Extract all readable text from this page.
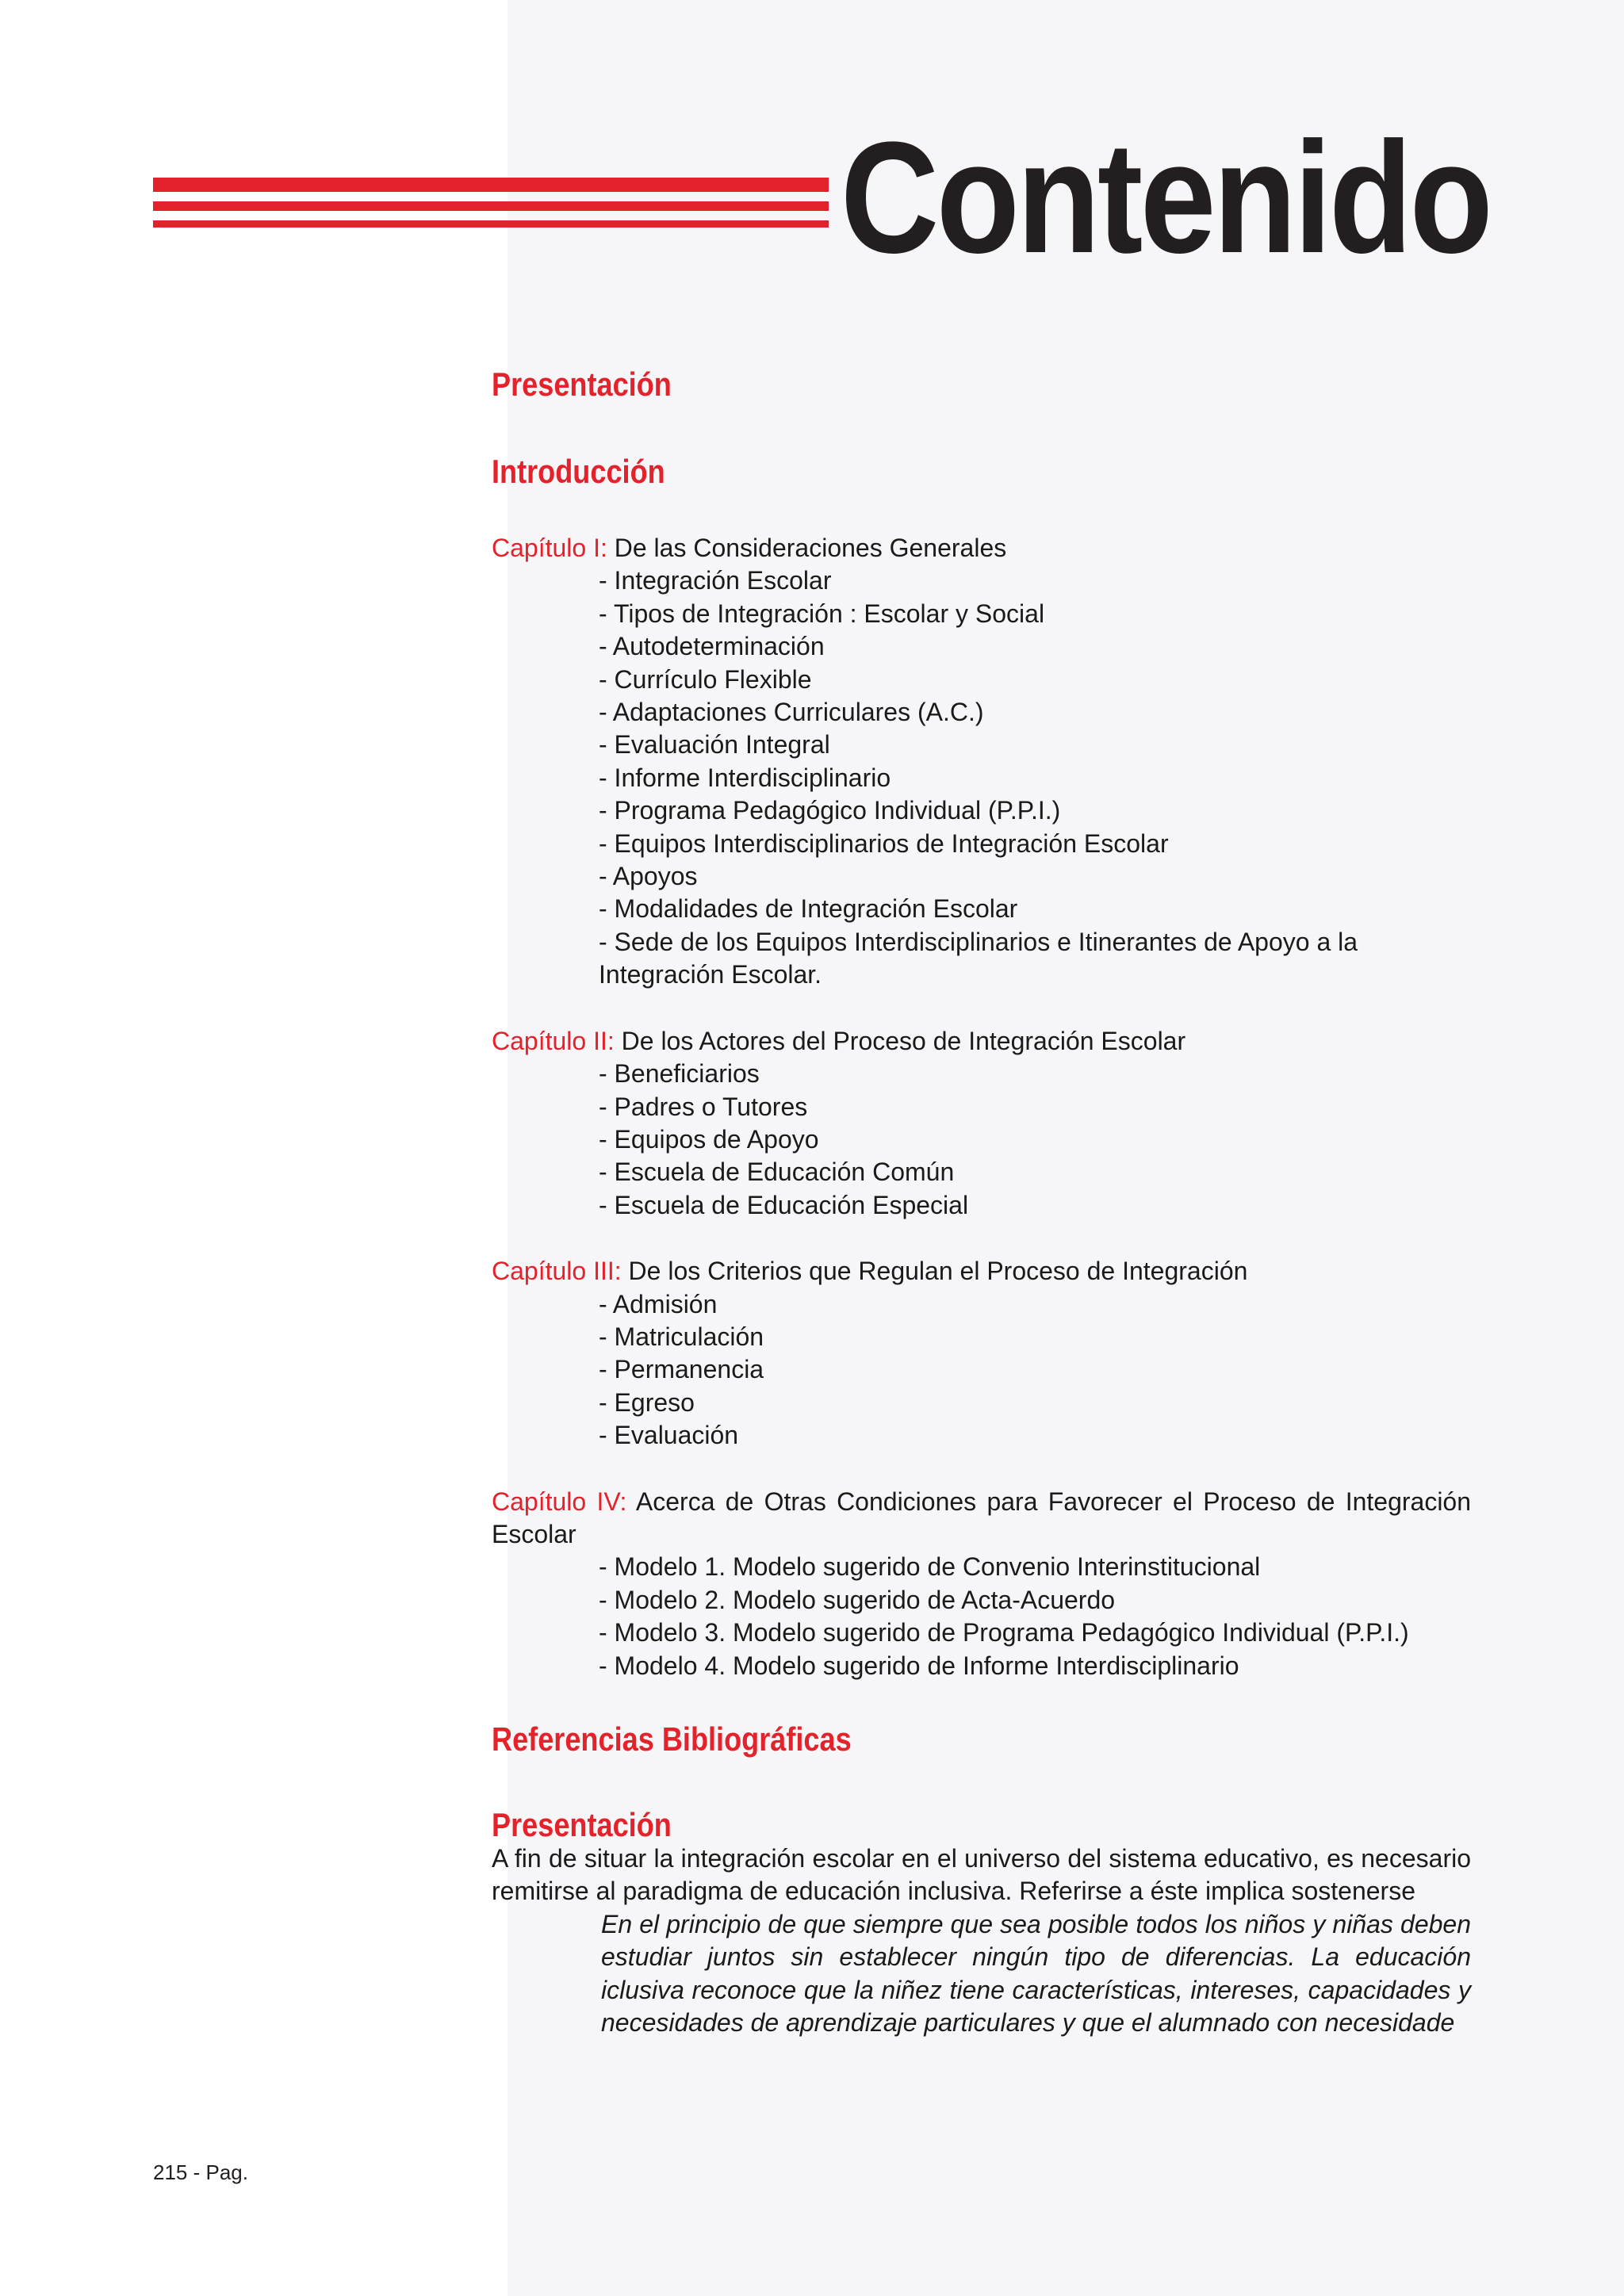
Contenido
Presentación
Introducción
Capítulo I: De las Consideraciones Generales
- Integración Escolar
- Tipos de Integración : Escolar y Social
- Autodeterminación
- Currículo Flexible
- Adaptaciones Curriculares (A.C.)
- Evaluación Integral
- Informe Interdisciplinario
- Programa Pedagógico Individual (P.P.I.)
- Equipos Interdisciplinarios de Integración Escolar
- Apoyos
- Modalidades de Integración Escolar
- Sede de los Equipos Interdisciplinarios e Itinerantes de Apoyo a la Integración Escolar.
Capítulo II: De los Actores del Proceso de Integración Escolar
- Beneficiarios
- Padres o Tutores
- Equipos de Apoyo
- Escuela de Educación Común
- Escuela de Educación Especial
Capítulo III: De los Criterios que Regulan el Proceso de Integración
- Admisión
- Matriculación
- Permanencia
- Egreso
- Evaluación
Capítulo IV: Acerca de Otras Condiciones para Favorecer el Proceso de Integración Escolar
- Modelo 1. Modelo sugerido de Convenio Interinstitucional
- Modelo 2. Modelo sugerido de Acta-Acuerdo
- Modelo 3. Modelo sugerido de Programa Pedagógico Individual (P.P.I.)
- Modelo 4. Modelo sugerido de Informe Interdisciplinario
Referencias Bibliográficas
Presentación

A fin de situar la integración escolar en el universo del sistema educativo, es necesario remitirse al paradigma de educación inclusiva. Referirse a éste implica sostenerse

En el principio de que siempre que sea posible todos los niños y niñas deben estudiar juntos sin establecer ningún tipo de diferencias. La educación iclusiva reconoce que la niñez tiene características, intereses, capacidades y necesidades de aprendizaje particulares y que el alumnado con necesidade

215 - Pag.
